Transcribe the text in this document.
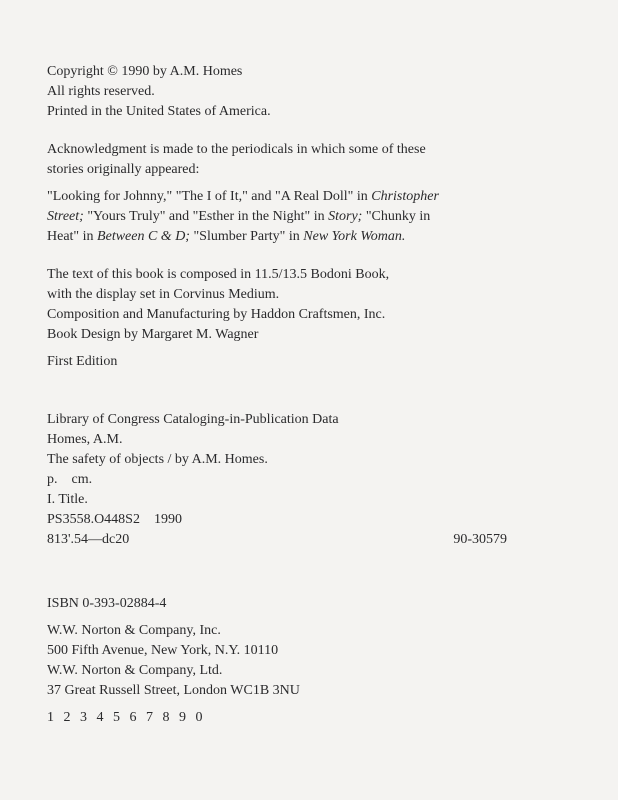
Copyright © 1990 by A.M. Homes
All rights reserved.
Printed in the United States of America.
Acknowledgment is made to the periodicals in which some of these
stories originally appeared:
"Looking for Johnny," "The I of It," and "A Real Doll" in Christopher
Street; "Yours Truly" and "Esther in the Night" in Story; "Chunky in
Heat" in Between C & D; "Slumber Party" in New York Woman.
The text of this book is composed in 11.5/13.5 Bodoni Book,
with the display set in Corvinus Medium.
Composition and Manufacturing by Haddon Craftsmen, Inc.
Book Design by Margaret M. Wagner
First Edition
Library of Congress Cataloging-in-Publication Data
Homes, A.M.
The safety of objects / by A.M. Homes.
p.    cm.
I. Title.
PS3558.O448S2    1990
813'.54—dc20	90-30579
ISBN 0-393-02884-4
W.W. Norton & Company, Inc.
500 Fifth Avenue, New York, N.Y. 10110
W.W. Norton & Company, Ltd.
37 Great Russell Street, London WC1B 3NU
1 2 3 4 5 6 7 8 9 0
